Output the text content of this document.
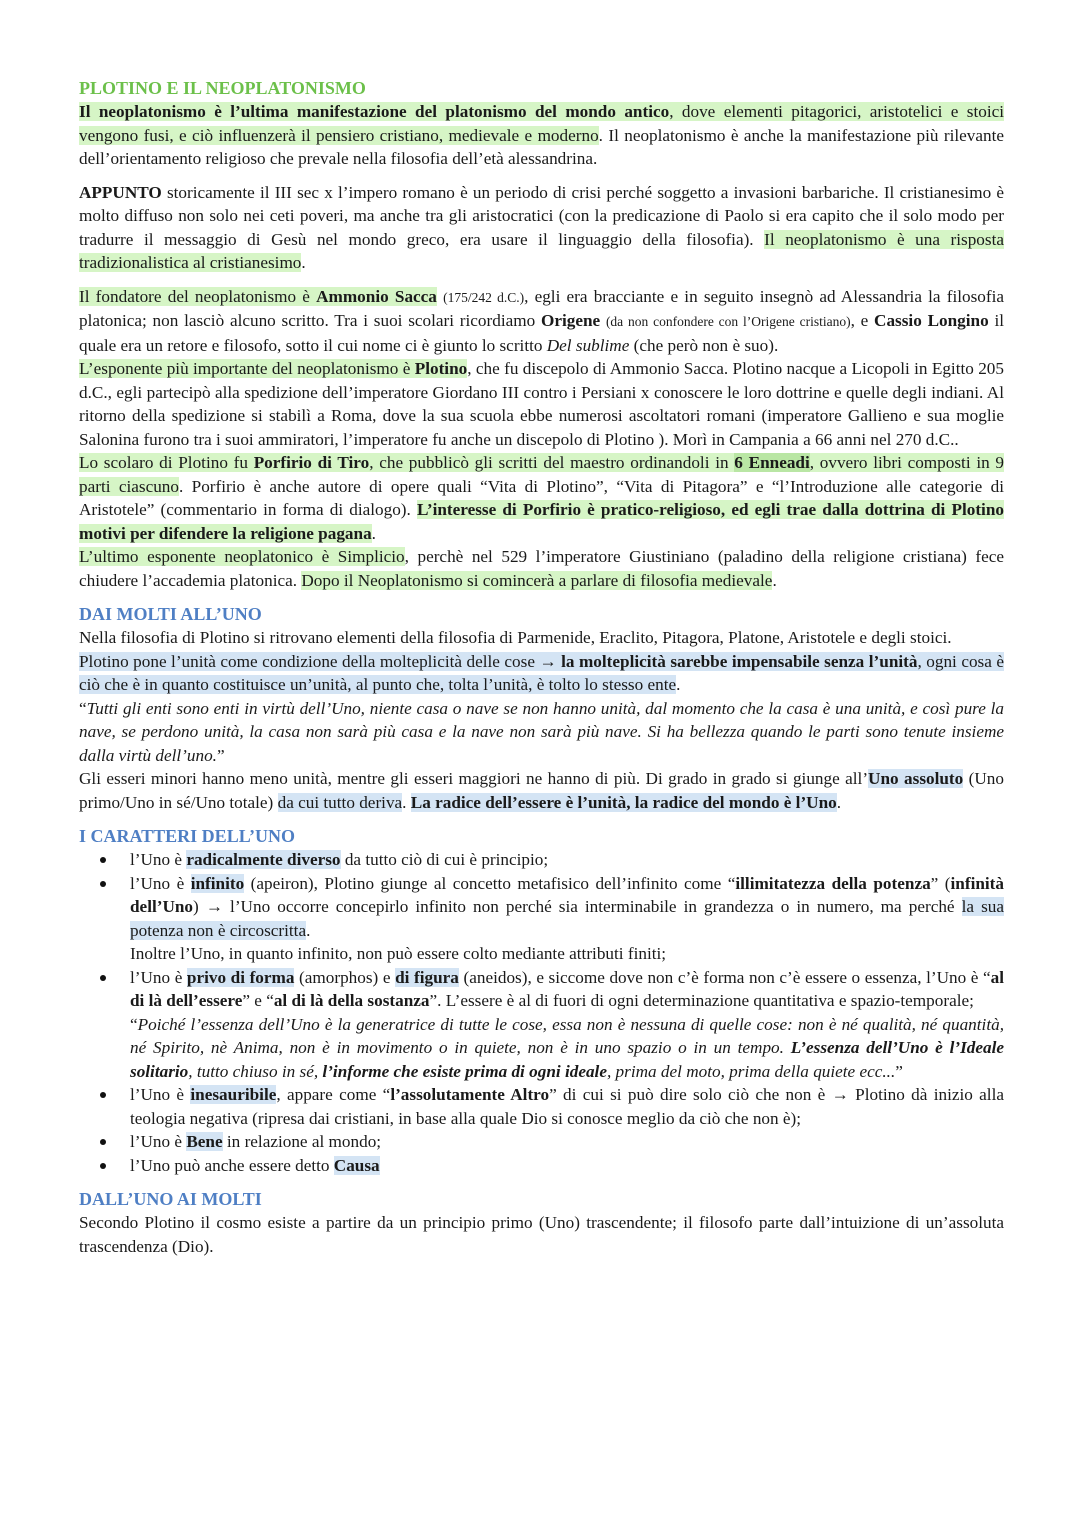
PLOTINO E IL NEOPLATONISMO

Il neoplatonismo è l’ultima manifestazione del platonismo del mondo antico, dove elementi pitagorici, aristotelici e stoici vengono fusi, e ciò influenzerà il pensiero cristiano, medievale e moderno. Il neoplatonismo è anche la manifestazione più rilevante dell’orientamento religioso che prevale nella filosofia dell’età alessandrina.

APPUNTO storicamente il III sec x l’impero romano è un periodo di crisi perché soggetto a invasioni barbariche. Il cristianesimo è molto diffuso non solo nei ceti poveri, ma anche tra gli aristocratici (con la predicazione di Paolo si era capito che il solo modo per tradurre il messaggio di Gesù nel mondo greco, era usare il linguaggio della filosofia). Il neoplatonismo è una risposta tradizionalistica al cristianesimo.

Il fondatore del neoplatonismo è Ammonio Sacca (175/242 d.C.), egli era bracciante e in seguito insegnò ad Alessandria la filosofia platonica; non lasciò alcuno scritto. Tra i suoi scolari ricordiamo Origene (da non confondere con l’Origene cristiano), e Cassio Longino il quale era un retore e filosofo, sotto il cui nome ci è giunto lo scritto Del sublime (che però non è suo).

L’esponente più importante del neoplatonismo è Plotino, che fu discepolo di Ammonio Sacca. Plotino nacque a Licopoli in Egitto 205 d.C., egli partecipò alla spedizione dell’imperatore Giordano III contro i Persiani x conoscere le loro dottrine e quelle degli indiani. Al ritorno della spedizione si stabilì a Roma, dove la sua scuola ebbe numerosi ascoltatori romani (imperatore Gallieno e sua moglie Salonina furono tra i suoi ammiratori, l’imperatore fu anche un discepolo di Plotino ). Morì in Campania a 66 anni nel 270 d.C..

Lo scolaro di Plotino fu Porfirio di Tiro, che pubblicò gli scritti del maestro ordinandoli in 6 Enneadi, ovvero libri composti in 9 parti ciascuno. Porfirio è anche autore di opere quali “Vita di Plotino”, “Vita di Pitagora” e “l’Introduzione alle categorie di Aristotele” (commentario in forma di dialogo). L’interesse di Porfirio è pratico-religioso, ed egli trae dalla dottrina di Plotino motivi per difendere la religione pagana.

L’ultimo esponente neoplatonico è Simplicio, perchè nel 529 l’imperatore Giustiniano (paladino della religione cristiana) fece chiudere l’accademia platonica. Dopo il Neoplatonismo si comincerà a parlare di filosofia medievale.

DAI MOLTI ALL’UNO

Nella filosofia di Plotino si ritrovano elementi della filosofia di Parmenide, Eraclito, Pitagora, Platone, Aristotele e degli stoici.

Plotino pone l’unità come condizione della molteplicità delle cose → la molteplicità sarebbe impensabile senza l’unità, ogni cosa è ciò che è in quanto costituisce un’unità, al punto che, tolta l’unità, è tolto lo stesso ente.

“Tutti gli enti sono enti in virtù dell’Uno, niente casa o nave se non hanno unità, dal momento che la casa è una unità, e così pure la nave, se perdono unità, la casa non sarà più casa e la nave non sarà più nave. Si ha bellezza quando le parti sono tenute insieme dalla virtù dell’uno.”

Gli esseri minori hanno meno unità, mentre gli esseri maggiori ne hanno di più. Di grado in grado si giunge all’Uno assoluto (Uno primo/Uno in sé/Uno totale) da cui tutto deriva. La radice dell’essere è l’unità, la radice del mondo è l’Uno.

I CARATTERI DELL’UNO
l’Uno è radicalmente diverso da tutto ciò di cui è principio;
l’Uno è infinito (apeiron), Plotino giunge al concetto metafisico dell’infinito come “illimitatezza della potenza” (infinità dell’Uno) → l’Uno occorre concepirlo infinito non perché sia interminabile in grandezza o in numero, ma perché la sua potenza non è circoscritta.
Inoltre l’Uno, in quanto infinito, non può essere colto mediante attributi finiti;
l’Uno è privo di forma (amorphos) e di figura (aneidos), e siccome dove non c’è forma non c’è essere o essenza, l’Uno è “al di là dell’essere” e “al di là della sostanza”. L’essere è al di fuori di ogni determinazione quantitativa e spazio-temporale;
“Poiché l’essenza dell’Uno è la generatrice di tutte le cose, essa non è nessuna di quelle cose: non è né qualità, né quantità, né Spirito, nè Anima, non è in movimento o in quiete, non è in uno spazio o in un tempo. L’essenza dell’Uno è l’Ideale solitario, tutto chiuso in sé, l’informe che esiste prima di ogni ideale, prima del moto, prima della quiete ecc...”
l’Uno è inesauribile, appare come “l’assolutamente Altro” di cui si può dire solo ciò che non è → Plotino dà inizio alla teologia negativa (ripresa dai cristiani, in base alla quale Dio si conosce meglio da ciò che non è);
l’Uno è Bene in relazione al mondo;
l’Uno può anche essere detto Causa
DALL’UNO AI MOLTI

Secondo Plotino il cosmo esiste a partire da un principio primo (Uno) trascendente; il filosofo parte dall’intuizione di un’assoluta trascendenza (Dio).
